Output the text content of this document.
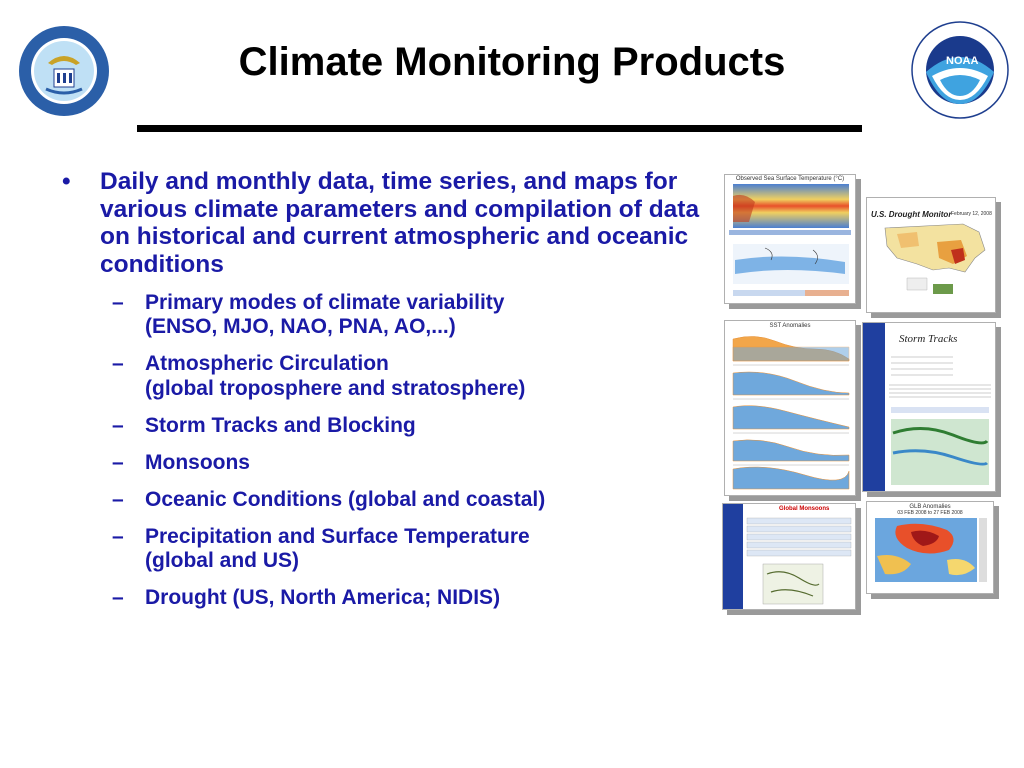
NOAA
Climate Monitoring Products
• Daily and monthly data, time series, and maps for various climate parameters and compilation of data on historical and current atmospheric and oceanic conditions
– Primary modes of climate variability
(ENSO, MJO, NAO, PNA, AO,...)
– Atmospheric Circulation
(global troposphere and stratosphere)
– Storm Tracks and Blocking
– Monsoons
– Oceanic Conditions (global and coastal)
– Precipitation and Surface Temperature
(global and US)
– Drought (US, North America; NIDIS)
Observed Sea Surface Temperature (°C)
U.S. Drought Monitor February 12, 2008
SST Anomalies
Storm Tracks
Global Monsoons	GLB Anomalies
03 FEB 2008 to 27 FEB 2008
